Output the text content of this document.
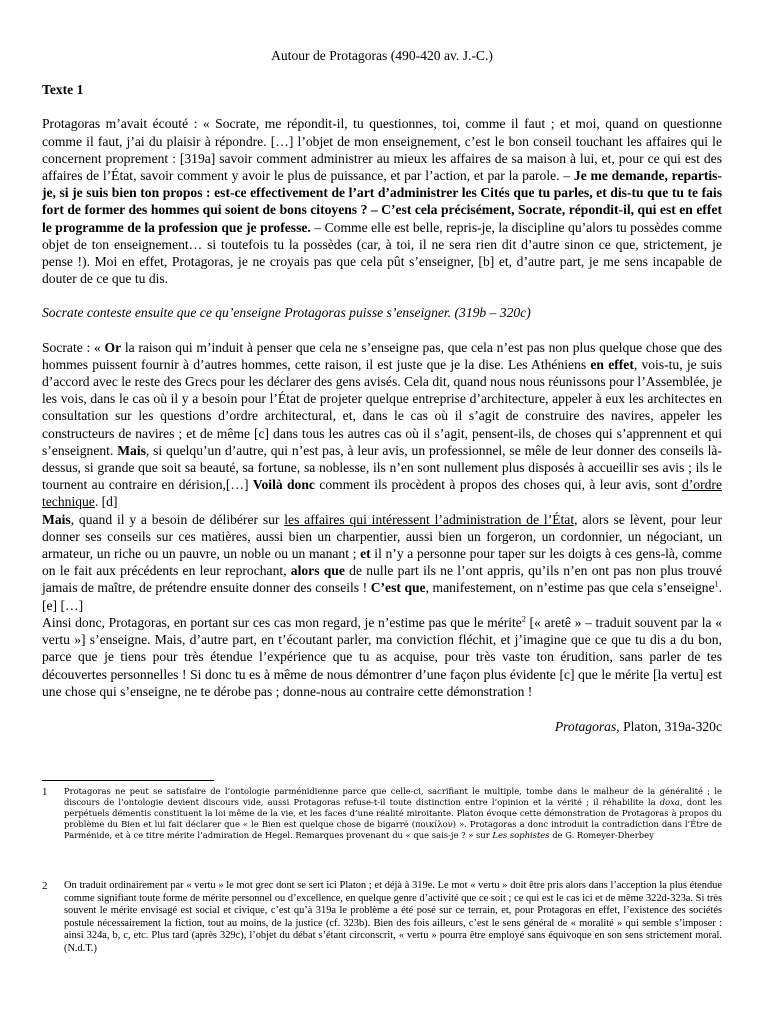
Autour de Protagoras (490-420 av. J.-C.)

Texte 1

Protagoras m’avait écouté : « Socrate, me répondit-il, tu questionnes, toi, comme il faut ; et moi, quand on questionne comme il faut, j’ai du plaisir à répondre. […] l’objet de mon enseignement, c’est le bon conseil touchant les affaires qui le concernent proprement : [319a] savoir comment administrer au mieux les affaires de sa maison à lui, et, pour ce qui est des affaires de l’État, savoir comment y avoir le plus de puissance, et par l’action, et par la parole. – Je me demande, repartis-je, si je suis bien ton propos : est-ce effectivement de l’art d’administrer les Cités que tu parles, et dis-tu que tu te fais fort de former des hommes qui soient de bons citoyens ? – C’est cela précisément, Socrate, répondit-il, qui est en effet le programme de la profession que je professe. – Comme elle est belle, repris-je, la discipline qu’alors tu possèdes comme objet de ton enseignement… si toutefois tu la possèdes (car, à toi, il ne sera rien dit d’autre sinon ce que, strictement, je pense !). Moi en effet, Protagoras, je ne croyais pas que cela pût s’enseigner, [b] et, d’autre part, je me sens incapable de douter de ce que tu dis.

Socrate conteste ensuite que ce qu’enseigne Protagoras puisse s’enseigner. (319b – 320c)

Socrate : « Or la raison qui m’induit à penser que cela ne s’enseigne pas, que cela n’est pas non plus quelque chose que des hommes puissent fournir à d’autres hommes, cette raison, il est juste que je la dise. Les Athéniens en effet, vois-tu, je suis d’accord avec le reste des Grecs pour les déclarer des gens avisés. Cela dit, quand nous nous réunissons pour l’Assemblée, je les vois, dans le cas où il y a besoin pour l’État de projeter quelque entreprise d’architecture, appeler à eux les architectes en consultation sur les questions d’ordre architectural, et, dans le cas où il s’agit de construire des navires, appeler les constructeurs de navires ; et de même [c] dans tous les autres cas où il s’agit, pensent-ils, de choses qui s’apprennent et qui s’enseignent. Mais, si quelqu’un d’autre, qui n’est pas, à leur avis, un professionnel, se mêle de leur donner des conseils là-dessus, si grande que soit sa beauté, sa fortune, sa noblesse, ils n’en sont nullement plus disposés à accueillir ses avis ; ils le tournent au contraire en dérision,[…] Voilà donc comment ils procèdent à propos des choses qui, à leur avis, sont d’ordre technique. [d]

Mais, quand il y a besoin de délibérer sur les affaires qui intéressent l’administration de l’État, alors se lèvent, pour leur donner ses conseils sur ces matières, aussi bien un charpentier, aussi bien un forgeron, un cordonnier, un négociant, un armateur, un riche ou un pauvre, un noble ou un manant ; et il n’y a personne pour taper sur les doigts à ces gens-là, comme on le fait aux précédents en leur reprochant, alors que de nulle part ils ne l’ont appris, qu’ils n’en ont pas non plus trouvé jamais de maître, de prétendre ensuite donner des conseils ! C’est que, manifestement, on n’estime pas que cela s’enseigne$^1$. [e] […]

Ainsi donc, Protagoras, en portant sur ces cas mon regard, je n’estime pas que le mérite$^2$ [« aretê » – traduit souvent par la « vertu »] s’enseigne. Mais, d’autre part, en t’écoutant parler, ma conviction fléchit, et j’imagine que ce que tu dis a du bon, parce que je tiens pour très étendue l’expérience que tu as acquise, pour très vaste ton érudition, sans parler de tes découvertes personnelles ! Si donc tu es à même de nous démontrer d’une façon plus évidente [c] que le mérite [la vertu] est une chose qui s’enseigne, ne te dérobe pas ; donne-nous au contraire cette démonstration !

Protagoras, Platon, 319a-320c

1 Protagoras ne peut se satisfaire de l’ontologie parménidienne parce que celle-ci, sacrifiant le multiple, tombe dans le malheur de la généralité ; le discours de l’ontologie devient discours vide, aussi Protagoras refuse-t-il toute distinction entre l’opinion et la vérité ; il réhabilite la doxa, dont les perpétuels démentis constituent la loi même de la vie, et les faces d’une réalité miroitante. Platon évoque cette démonstration de Protagoras à propos du problème du Bien et lui fait déclarer que « le Bien est quelque chose de bigarré (ποικίλον) ». Protagoras a donc introduit la contradiction dans l’Être de Parménide, et à ce titre mérite l’admiration de Hegel. Remarques provenant du « que sais-je ? » sur Les sophistes de G. Romeyer-Dherbey
2 On traduit ordinairement par « vertu » le mot grec dont se sert ici Platon ; et déjà à 319e. Le mot « vertu » doit être pris alors dans l’acception la plus étendue comme signifiant toute forme de mérite personnel ou d’excellence, en quelque genre d’activité que ce soit ; ce qui est le cas ici et de même 322d-323a. Si très souvent le mérite envisagé est social et civique, c’est qu’à 319a le problème a été posé sur ce terrain, et, pour Protagoras en effet, l’existence des sociétés postule nécessairement la fiction, tout au moins, de la justice (cf. 323b). Bien des fois ailleurs, c’est le sens général de « moralité » qui semble s’imposer : ainsi 324a, b, c, etc. Plus tard (après 329c), l’objet du débat s’étant circonscrit, « vertu » pourra être employé sans équivoque en son sens strictement moral. (N.d.T.)
